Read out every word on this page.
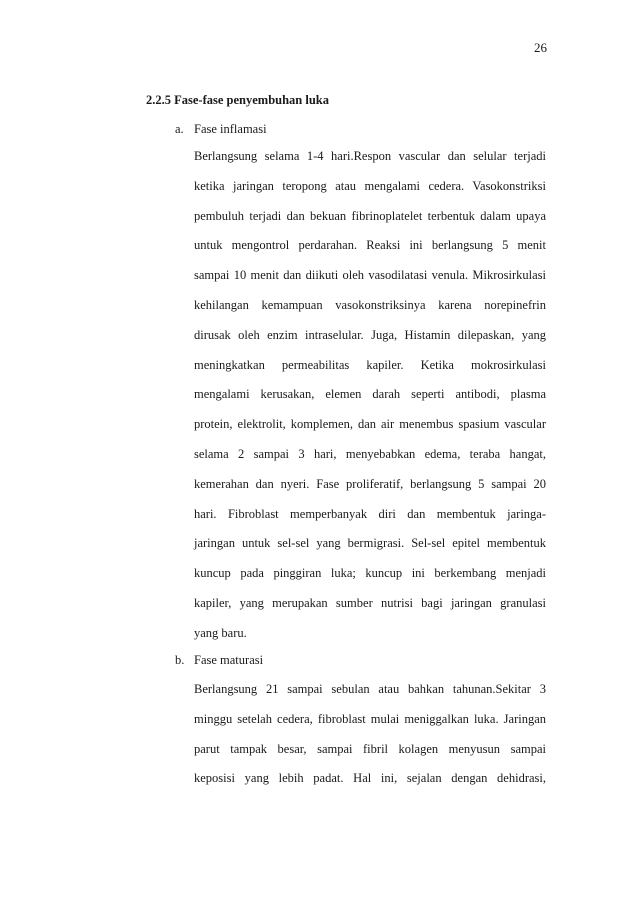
26
2.2.5 Fase-fase penyembuhan luka
a. Fase inflamasi
Berlangsung selama 1-4 hari.Respon vascular dan selular terjadi
ketika jaringan teropong atau mengalami cedera. Vasokonstriksi
pembuluh terjadi dan bekuan fibrinoplatelet terbentuk dalam upaya
untuk mengontrol perdarahan. Reaksi ini berlangsung 5 menit
sampai 10 menit dan diikuti oleh vasodilatasi venula. Mikrosirkulasi
kehilangan kemampuan vasokonstriksinya karena norepinefrin
dirusak oleh enzim intraselular. Juga, Histamin dilepaskan, yang
meningkatkan permeabilitas kapiler. Ketika mokrosirkulasi
mengalami kerusakan, elemen darah seperti antibodi, plasma
protein, elektrolit, komplemen, dan air menembus spasium vascular
selama 2 sampai 3 hari, menyebabkan edema, teraba hangat,
kemerahan dan nyeri. Fase proliferatif, berlangsung 5 sampai 20
hari. Fibroblast memperbanyak diri dan membentuk jaringa-
jaringan untuk sel-sel yang bermigrasi. Sel-sel epitel membentuk
kuncup pada pinggiran luka; kuncup ini berkembang menjadi
kapiler, yang merupakan sumber nutrisi bagi jaringan granulasi
yang baru.
b. Fase maturasi
Berlangsung 21 sampai sebulan atau bahkan tahunan.Sekitar 3
minggu setelah cedera, fibroblast mulai meniggalkan luka. Jaringan
parut tampak besar, sampai fibril kolagen menyusun sampai
keposisi yang lebih padat. Hal ini, sejalan dengan dehidrasi,
